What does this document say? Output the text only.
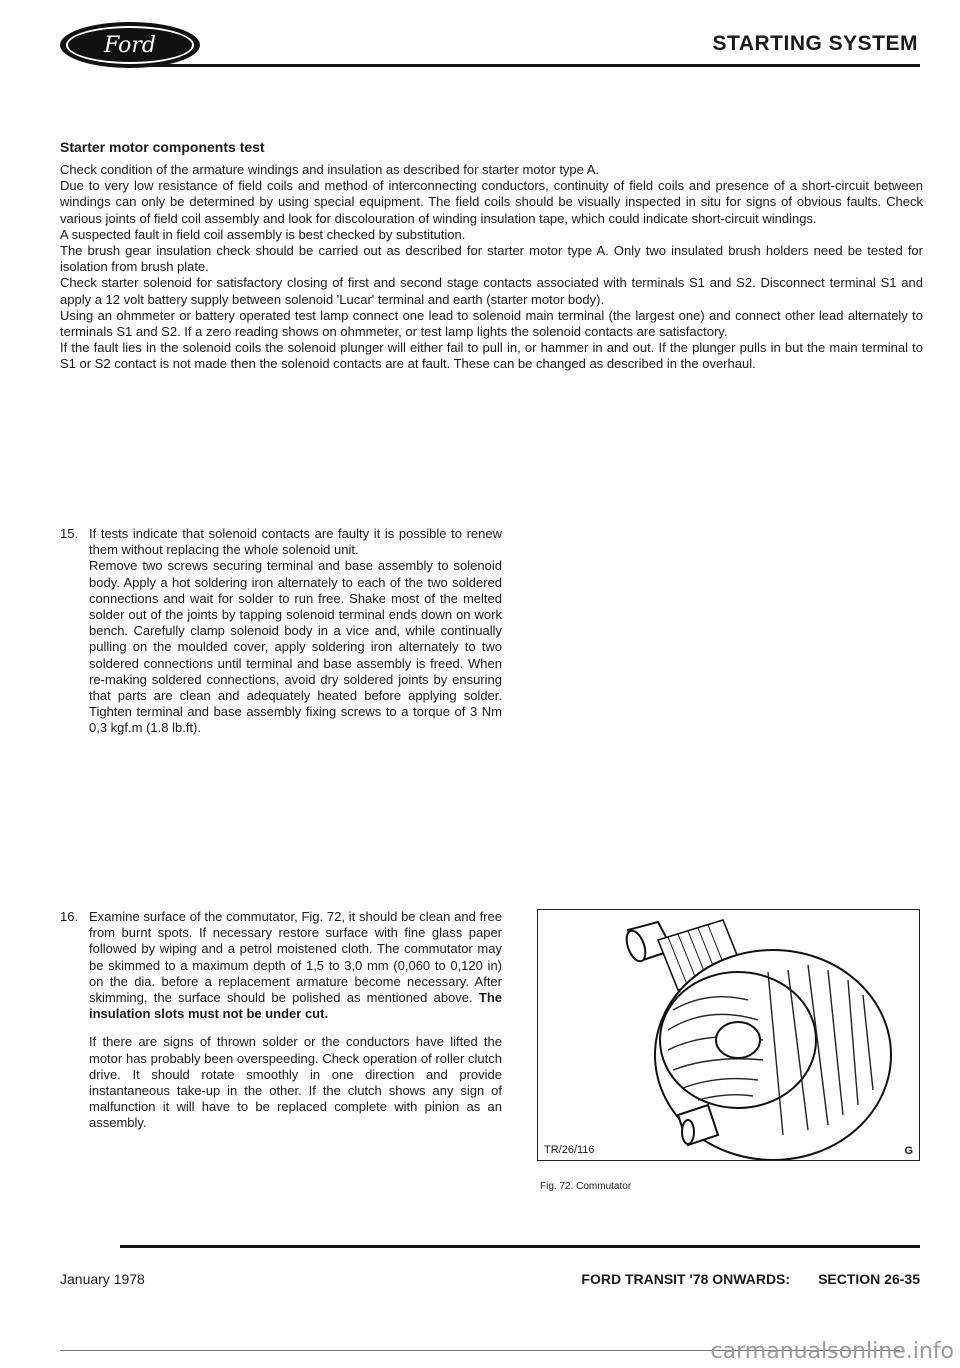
Ford	STARTING SYSTEM
Starter motor components test

Check condition of the armature windings and insulation as described for starter motor type A.

Due to very low resistance of field coils and method of interconnecting conductors, continuity of field coils and presence of a short-circuit between windings can only be determined by using special equipment. The field coils should be visually inspected in situ for signs of obvious faults. Check various joints of field coil assembly and look for discolouration of winding insulation tape, which could indicate short-circuit windings.

A suspected fault in field coil assembly is best checked by substitution.

The brush gear insulation check should be carried out as described for starter motor type A. Only two insulated brush holders need be tested for isolation from brush plate.

Check starter solenoid for satisfactory closing of first and second stage contacts associated with terminals S1 and S2. Disconnect terminal S1 and apply a 12 volt battery supply between solenoid 'Lucar' terminal and earth (starter motor body).

Using an ohmmeter or battery operated test lamp connect one lead to solenoid main terminal (the largest one) and connect other lead alternately to terminals S1 and S2. If a zero reading shows on ohmmeter, or test lamp lights the solenoid contacts are satisfactory.

If the fault lies in the solenoid coils the solenoid plunger will either fail to pull in, or hammer in and out. If the plunger pulls in but the main terminal to S1 or S2 contact is not made then the solenoid contacts are at fault. These can be changed as described in the overhaul.

15. If tests indicate that solenoid contacts are faulty it is possible to renew them without replacing the whole solenoid unit.

Remove two screws securing terminal and base assembly to solenoid body. Apply a hot soldering iron alternately to each of the two soldered connections and wait for solder to run free. Shake most of the melted solder out of the joints by tapping solenoid terminal ends down on work bench. Carefully clamp solenoid body in a vice and, while continually pulling on the moulded cover, apply soldering iron alternately to two soldered connections until terminal and base assembly is freed. When re-making soldered connections, avoid dry soldered joints by ensuring that parts are clean and adequately heated before applying solder. Tighten terminal and base assembly fixing screws to a torque of 3 Nm 0,3 kgf.m (1.8 lb.ft).

16. Examine surface of the commutator, Fig. 72, it should be clean and free from burnt spots. If necessary restore surface with fine glass paper followed by wiping and a petrol moistened cloth. The commutator may be skimmed to a maximum depth of 1,5 to 3,0 mm (0,060 to 0,120 in) on the dia. before a replacement armature become necessary. After skimming, the surface should be polished as mentioned above. The insulation slots must not be under cut.

If there are signs of thrown solder or the conductors have lifted the motor has probably been overspeeding. Check operation of roller clutch drive. It should rotate smoothly in one direction and provide instantaneous take-up in the other. If the clutch shows any sign of malfunction it will have to be replaced complete with pinion as an assembly.

TR/26/116	G
Fig. 72. Commutator
January 1978	FORD TRANSIT '78 ONWARDS: SECTION 26-35
carmanualsonline.info
